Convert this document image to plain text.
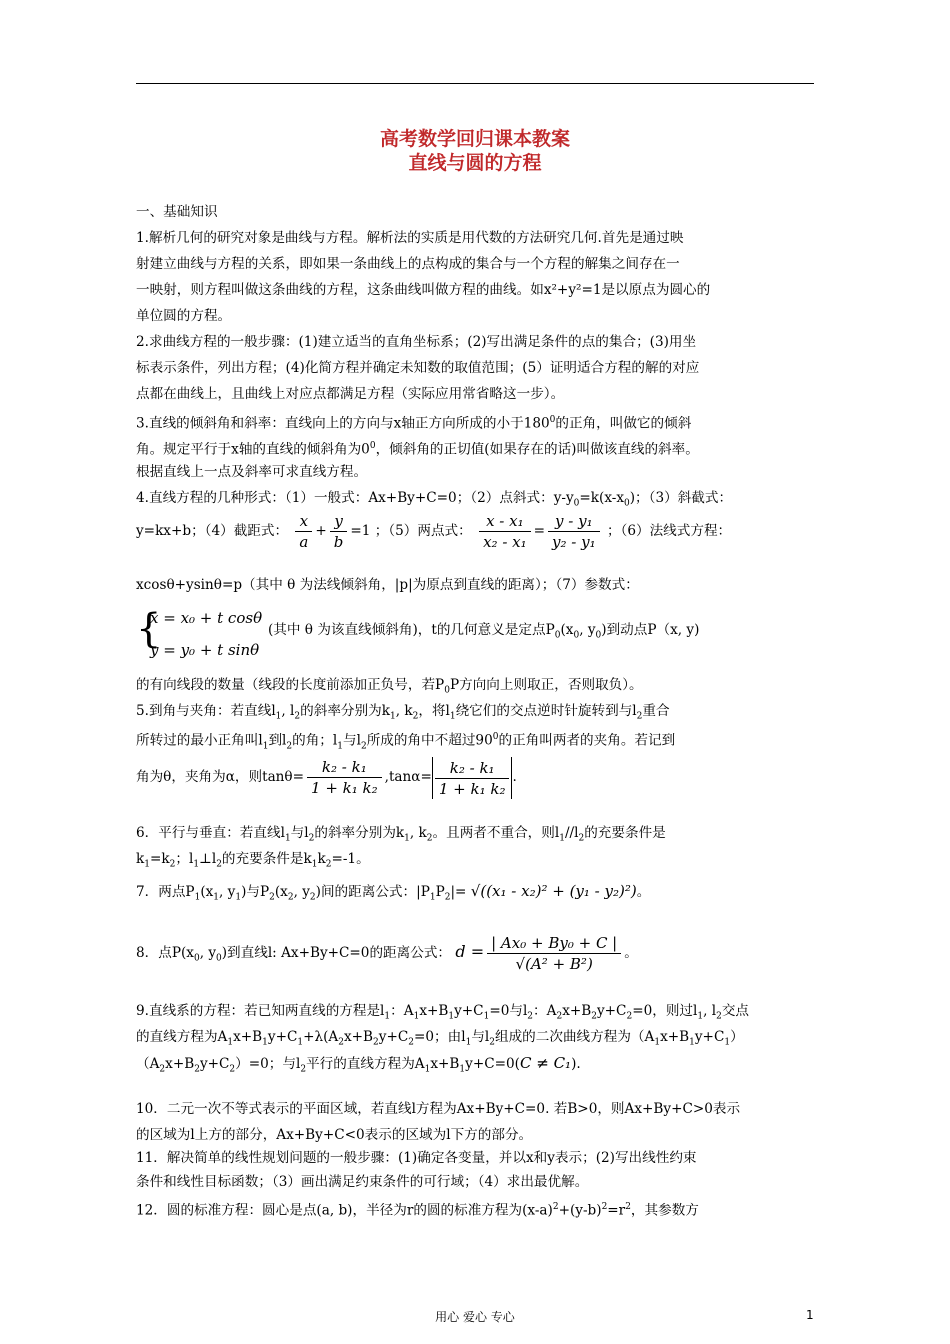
高考数学回归课本教案
直线与圆的方程
一、基础知识
1.解析几何的研究对象是曲线与方程。解析法的实质是用代数的方法研究几何.首先是通过映
射建立曲线与方程的关系，即如果一条曲线上的点构成的集合与一个方程的解集之间存在一
一映射，则方程叫做这条曲线的方程，这条曲线叫做方程的曲线。如x²+y²=1是以原点为圆心的
单位圆的方程。
2.求曲线方程的一般步骤：(1)建立适当的直角坐标系；(2)写出满足条件的点的集合；(3)用坐
标表示条件，列出方程；(4)化简方程并确定未知数的取值范围；(5）证明适合方程的解的对应
点都在曲线上，且曲线上对应点都满足方程（实际应用常省略这一步）。
3.直线的倾斜角和斜率：直线向上的方向与x轴正方向所成的小于$180^0$的正角，叫做它的倾斜
角。规定平行于x轴的直线的倾斜角为$0^0$，倾斜角的正切值(如果存在的话)叫做该直线的斜率。
根据直线上一点及斜率可求直线方程。
4.直线方程的几种形式：（1）一般式：Ax+By+C=0；（2）点斜式：$y-y_0=k(x-x_0)$；（3）斜截式：
y=kx+b；（4）截距式： $\frac{x}{a} + \frac{y}{b} =1$ ；（5）两点式： $\frac{\text{x - x₁}}{\text{x₂ - x₁}} = \frac{\text{y - y₁}}{\text{y₂ - y₁}}$ ；（6）法线式方程：
xcosθ+ysinθ=p（其中 θ 为法线倾斜角，|p|为原点到直线的距离）；（7）参数式：
{
x = x₀ + t cosθ
y = y₀ + t sinθ
(其中 θ 为该直线倾斜角)，t的几何意义是定点$P_0(x_0$, $y_0$)到动点P（x, y)
的有向线段的数量（线段的长度前添加正负号，若$P_0P$方向向上则取正，否则取负）。
5.到角与夹角：若直线$l_1$, $l_2$的斜率分别为$k_1$, $k_2$，将$l_1$绕它们的交点逆时针旋转到与$l_2$重合
所转过的最小正角叫$l_1$到$l_2$的角；$l_1$与$l_2$所成的角中不超过$90^0$的正角叫两者的夹角。若记到
角为θ，夹角为α，则$\tan\theta= \frac{\text{k₂ - k₁}}{\text{1 + k₁ k₂}} ,\tan\alpha= \frac{\text{k₂ - k₁}}{\text{1 + k₁ k₂}}$ .
6．平行与垂直：若直线$l_1$与$l_2$的斜率分别为$k_1$, $k_2$。且两者不重合，则$l_1//l_2$的充要条件是
$k_1=k_2$；$l_1\perp l_2$的充要条件是$k_1k_2=-1$。
7．两点$P_1(x_1$, $y_1$)与$P_2(x_2$, $y_2$)间的距离公式：$|P_1P_2|= √((x_1 - x_2)^2 + (y_1 - y_2)^2)$。
8．点$P(x_0$, $y_0$)到直线l: Ax+By+C=0的距离公式： $d = \frac{\text{| Ax₀ + By₀ + C |}}{\text{√(A² + B²)}}$ 。
9.直线系的方程：若已知两直线的方程是$l_1$：$A_1x+B_1y+C_1=0$与$l_2$：$A_2x+B_2y+C_2=0$，则过$l_1$, $l_2$交点
的直线方程为$A_1x+B_1y+C_1+\lambda(A_2x+B_2y+C_2=0$；由$l_1$与$l_2$组成的二次曲线方程为$(A_1x+B_1y+C_1)$
$(A_2x+B_2y+C_2)=0$；与$l_2$平行的直线方程为$A_1x+B_1y+C=0(C \ne C_1)$.
10．二元一次不等式表示的平面区域，若直线l方程为Ax+By+C=0. 若B>0，则Ax+By+C>0表示
的区域为l上方的部分，Ax+By+C<0表示的区域为l下方的部分。
11．解决简单的线性规划问题的一般步骤：(1)确定各变量，并以x和y表示；(2)写出线性约束
条件和线性目标函数；（3）画出满足约束条件的可行域；（4）求出最优解。
12．圆的标准方程：圆心是点(a, b)，半径为r的圆的标准方程为$(x-a)^2+(y-b)^2=r^2$，其参数方
用心 爱心 专心	1
